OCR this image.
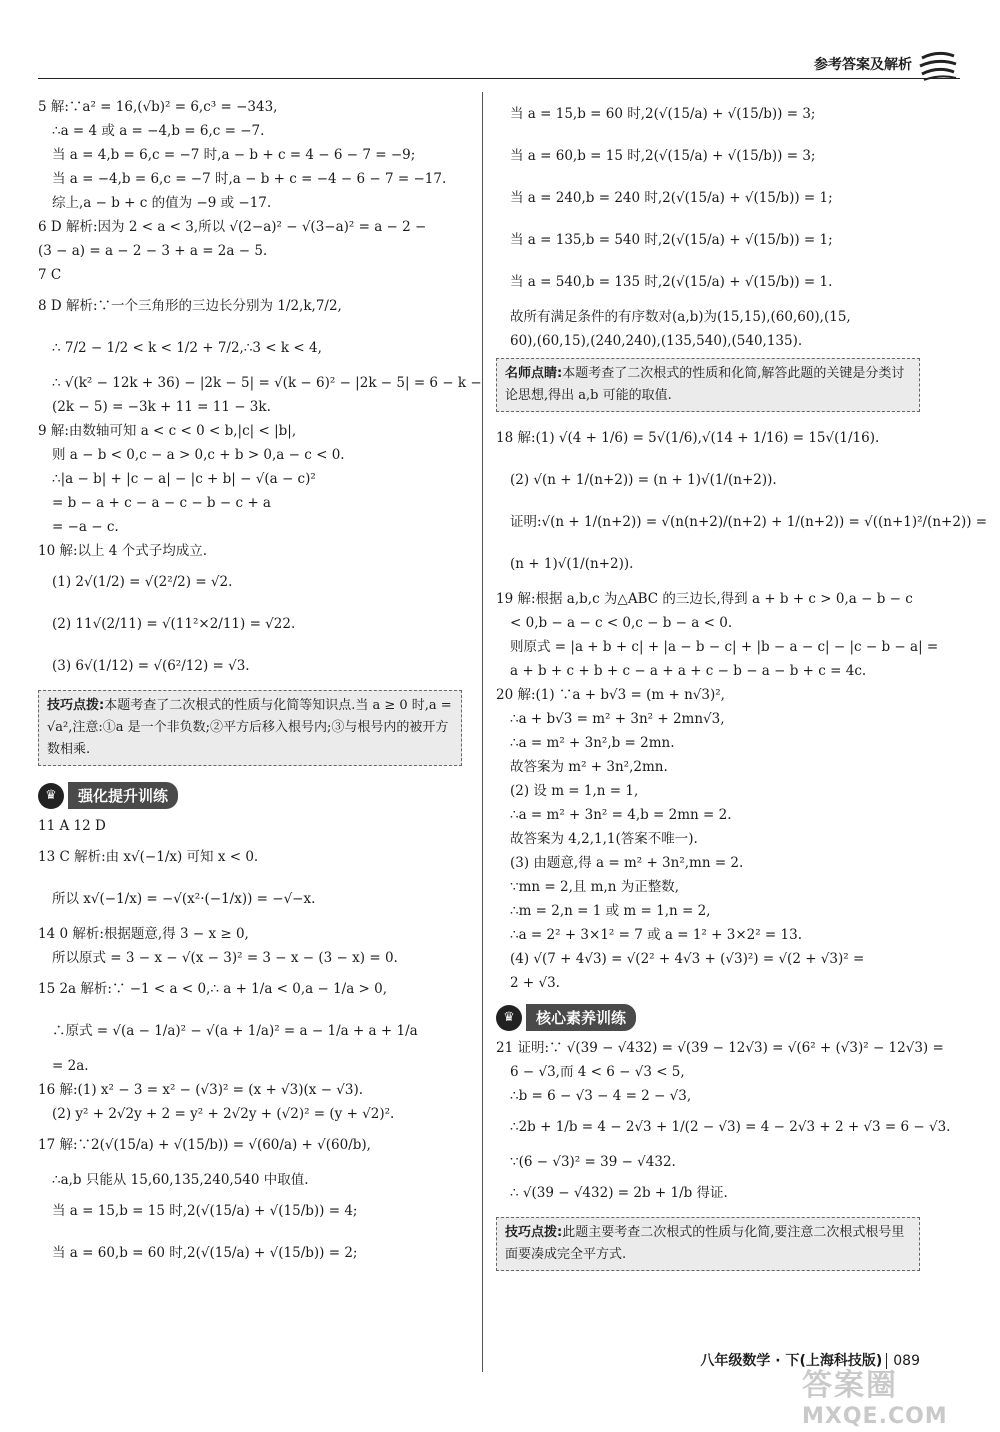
参考答案及解析
5 解:∵a² = 16,(√b)² = 6,c³ = −343,
∴a = 4 或 a = −4,b = 6,c = −7.
当 a = 4,b = 6,c = −7 时,a − b + c = 4 − 6 − 7 = −9;
当 a = −4,b = 6,c = −7 时,a − b + c = −4 − 6 − 7 = −17.
综上,a − b + c 的值为 −9 或 −17.
6 D 解析:因为 2 < a < 3,所以 √(2−a)² − √(3−a)² = a − 2 −
(3 − a) = a − 2 − 3 + a = 2a − 5.
7 C
8 D 解析:∵一个三角形的三边长分别为 1/2,k,7/2,
∴ 7/2 − 1/2 < k < 1/2 + 7/2,∴3 < k < 4,
∴ √(k² − 12k + 36) − |2k − 5| = √(k − 6)² − |2k − 5| = 6 − k −
(2k − 5) = −3k + 11 = 11 − 3k.
9 解:由数轴可知 a < c < 0 < b,|c| < |b|,
则 a − b < 0,c − a > 0,c + b > 0,a − c < 0.
∴|a − b| + |c − a| − |c + b| − √(a − c)²
= b − a + c − a − c − b − c + a
= −a − c.
10 解:以上 4 个式子均成立.
(1) 2√(1/2) = √(2²/2) = √2.
(2) 11√(2/11) = √(11²×2/11) = √22.
(3) 6√(1/12) = √(6²/12) = √3.
技巧点拨:本题考查了二次根式的性质与化简等知识点.当 a ≥ 0 时,a = √a²,注意:①a 是一个非负数;②平方后移入根号内;③与根号内的被开方数相乘.
♛	强化提升训练
11 A 12 D
13 C 解析:由 x√(−1/x) 可知 x < 0.
所以 x√(−1/x) = −√(x²·(−1/x)) = −√−x.
14 0 解析:根据题意,得 3 − x ≥ 0,
所以原式 = 3 − x − √(x − 3)² = 3 − x − (3 − x) = 0.
15 2a 解析:∵ −1 < a < 0,∴ a + 1/a < 0,a − 1/a > 0,
∴原式 = √(a − 1/a)² − √(a + 1/a)² = a − 1/a + a + 1/a
= 2a.
16 解:(1) x² − 3 = x² − (√3)² = (x + √3)(x − √3).
(2) y² + 2√2y + 2 = y² + 2√2y + (√2)² = (y + √2)².
17 解:∵2(√(15/a) + √(15/b)) = √(60/a) + √(60/b),
∴a,b 只能从 15,60,135,240,540 中取值.
当 a = 15,b = 15 时,2(√(15/a) + √(15/b)) = 4;
当 a = 60,b = 60 时,2(√(15/a) + √(15/b)) = 2;
当 a = 15,b = 60 时,2(√(15/a) + √(15/b)) = 3;
当 a = 60,b = 15 时,2(√(15/a) + √(15/b)) = 3;
当 a = 240,b = 240 时,2(√(15/a) + √(15/b)) = 1;
当 a = 135,b = 540 时,2(√(15/a) + √(15/b)) = 1;
当 a = 540,b = 135 时,2(√(15/a) + √(15/b)) = 1.
故所有满足条件的有序数对(a,b)为(15,15),(60,60),(15,
60),(60,15),(240,240),(135,540),(540,135).
名师点睛:本题考查了二次根式的性质和化简,解答此题的关键是分类讨论思想,得出 a,b 可能的取值.
18 解:(1) √(4 + 1/6) = 5√(1/6),√(14 + 1/16) = 15√(1/16).
(2) √(n + 1/(n+2)) = (n + 1)√(1/(n+2)).
证明:√(n + 1/(n+2)) = √(n(n+2)/(n+2) + 1/(n+2)) = √((n+1)²/(n+2)) =
(n + 1)√(1/(n+2)).
19 解:根据 a,b,c 为△ABC 的三边长,得到 a + b + c > 0,a − b − c
< 0,b − a − c < 0,c − b − a < 0.
则原式 = |a + b + c| + |a − b − c| + |b − a − c| − |c − b − a| =
a + b + c + b + c − a + a + c − b − a − b + c = 4c.
20 解:(1) ∵a + b√3 = (m + n√3)²,
∴a + b√3 = m² + 3n² + 2mn√3,
∴a = m² + 3n²,b = 2mn.
故答案为 m² + 3n²,2mn.
(2) 设 m = 1,n = 1,
∴a = m² + 3n² = 4,b = 2mn = 2.
故答案为 4,2,1,1(答案不唯一).
(3) 由题意,得 a = m² + 3n²,mn = 2.
∵mn = 2,且 m,n 为正整数,
∴m = 2,n = 1 或 m = 1,n = 2,
∴a = 2² + 3×1² = 7 或 a = 1² + 3×2² = 13.
(4) √(7 + 4√3) = √(2² + 4√3 + (√3)²) = √(2 + √3)² =
2 + √3.
♛	核心素养训练
21 证明:∵ √(39 − √432) = √(39 − 12√3) = √(6² + (√3)² − 12√3) =
6 − √3,而 4 < 6 − √3 < 5,
∴b = 6 − √3 − 4 = 2 − √3,
∴2b + 1/b = 4 − 2√3 + 1/(2 − √3) = 4 − 2√3 + 2 + √3 = 6 − √3.
∵(6 − √3)² = 39 − √432.
∴ √(39 − √432) = 2b + 1/b 得证.
技巧点拨:此题主要考查二次根式的性质与化简,要注意二次根式根号里面要凑成完全平方式.
八年级数学 · 下(上海科技版) 089
答案圈
MXQE.COM
